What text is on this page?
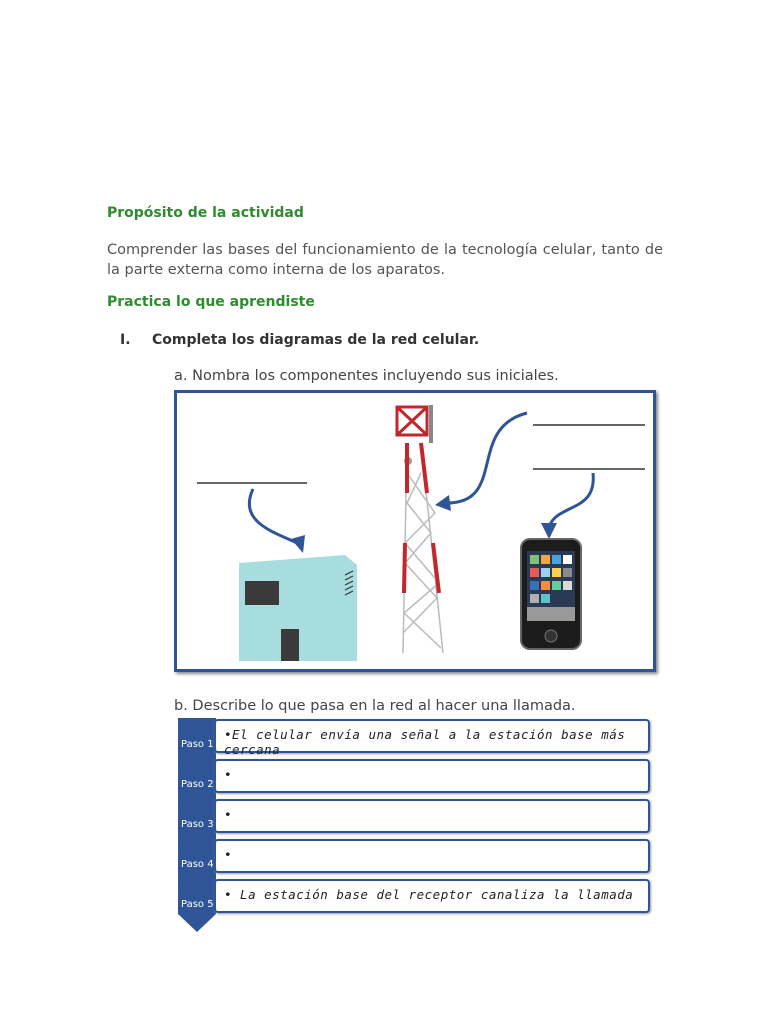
Propósito de la actividad
Comprender las bases del funcionamiento de la tecnología celular, tanto de la parte externa como interna de los aparatos.
Practica lo que aprendiste
I. Completa los diagramas de la red celular.
a. Nombra los componentes incluyendo sus iniciales.
b. Describe lo que pasa en la red al hacer una llamada.
Paso 1
Paso 2
Paso 3
Paso 4
Paso 5
•El celular envía una señal a la estación base más cercana
•
•
•
• La estación base del receptor canaliza la llamada
